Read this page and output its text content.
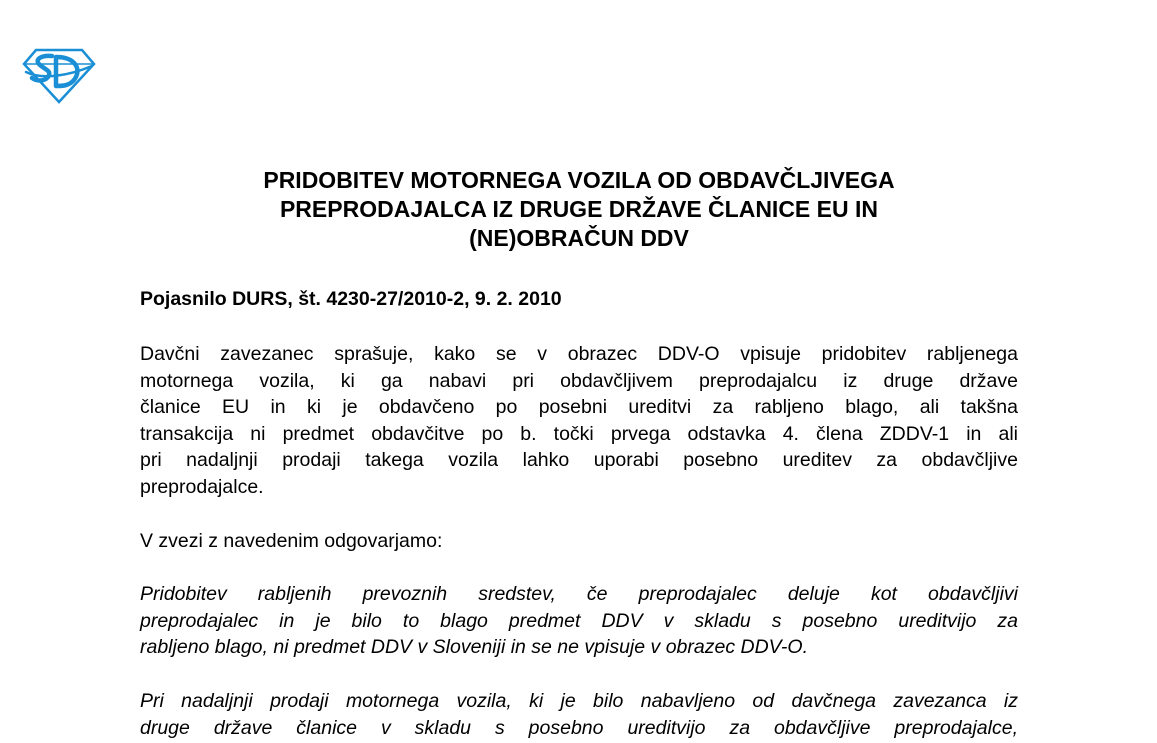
PRIDOBITEV MOTORNEGA VOZILA OD OBDAVČLJIVEGA
PREPRODAJALCA IZ DRUGE DRŽAVE ČLANICE EU IN
(NE)OBRAČUN DDV
Pojasnilo DURS, št. 4230-27/2010-2, 9. 2. 2010
Davčni zavezanec sprašuje, kako se v obrazec DDV-O vpisuje pridobitev rabljenega
motornega vozila, ki ga nabavi pri obdavčljivem preprodajalcu iz druge države
članice EU in ki je obdavčeno po posebni ureditvi za rabljeno blago, ali takšna
transakcija ni predmet obdavčitve po b. točki prvega odstavka 4. člena ZDDV-1 in ali
pri nadaljnji prodaji takega vozila lahko uporabi posebno ureditev za obdavčljive
preprodajalce.
V zvezi z navedenim odgovarjamo:
Pridobitev rabljenih prevoznih sredstev, če preprodajalec deluje kot obdavčljivi
preprodajalec in je bilo to blago predmet DDV v skladu s posebno ureditvijo za
rabljeno blago, ni predmet DDV v Sloveniji in se ne vpisuje v obrazec DDV-O.
Pri nadaljnji prodaji motornega vozila, ki je bilo nabavljeno od davčnega zavezanca iz
druge države članice v skladu s posebno ureditvijo za obdavčljive preprodajalce,
